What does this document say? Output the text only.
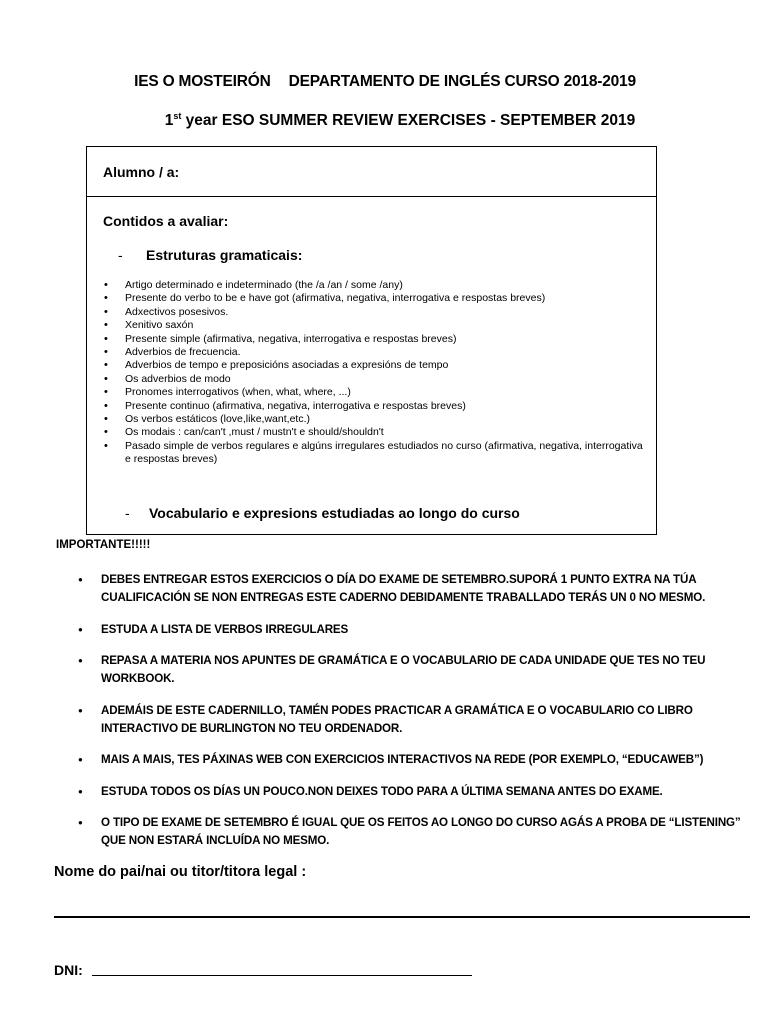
IES O MOSTEIRÓN DEPARTAMENTO DE INGLÉS CURSO 2018-2019
1st year ESO SUMMER REVIEW EXERCISES - SEPTEMBER 2019
Alumno / a:
Contidos a avaliar:
- Estruturas gramaticais:
• Artigo determinado e indeterminado (the /a /an / some /any)
• Presente do verbo to be e have got (afirmativa, negativa, interrogativa e respostas breves)
• Adxectivos posesivos.
• Xenitivo saxón
• Presente simple (afirmativa, negativa, interrogativa e respostas breves)
• Adverbios de frecuencia.
• Adverbios de tempo e preposicións asociadas a expresións de tempo
• Os adverbios de modo
• Pronomes interrogativos (when, what, where, ...)
• Presente continuo (afirmativa, negativa, interrogativa e respostas breves)
• Os verbos estáticos (love,like,want,etc.)
• Os modais : can/can't ,must / mustn't e should/shouldn't
• Pasado simple de verbos regulares e algúns irregulares estudiados no curso (afirmativa, negativa, interrogativa e respostas breves)
- Vocabulario e expresions estudiadas ao longo do curso
IMPORTANTE!!!!!
● DEBES ENTREGAR ESTOS EXERCICIOS O DÍA DO EXAME DE SETEMBRO.SUPORÁ 1 PUNTO EXTRA NA TÚA CUALIFICACIÓN SE NON ENTREGAS ESTE CADERNO DEBIDAMENTE TRABALLADO TERÁS UN 0 NO MESMO.
● ESTUDA A LISTA DE VERBOS IRREGULARES
● REPASA A MATERIA NOS APUNTES DE GRAMÁTICA E O VOCABULARIO DE CADA UNIDADE QUE TES NO TEU WORKBOOK.
● ADEMÁIS DE ESTE CADERNILLO, TAMÉN PODES PRACTICAR A GRAMÁTICA E O VOCABULARIO CO LIBRO INTERACTIVO DE BURLINGTON NO TEU ORDENADOR.
● MAIS A MAIS, TES PÁXINAS WEB CON EXERCICIOS INTERACTIVOS NA REDE (POR EXEMPLO, “EDUCAWEB”)
● ESTUDA TODOS OS DÍAS UN POUCO.NON DEIXES TODO PARA A ÚLTIMA SEMANA ANTES DO EXAME.
● O TIPO DE EXAME DE SETEMBRO É IGUAL QUE OS FEITOS AO LONGO DO CURSO AGÁS A PROBA DE “LISTENING” QUE NON ESTARÁ INCLUÍDA NO MESMO.
Nome do pai/nai ou titor/titora legal :
DNI:
